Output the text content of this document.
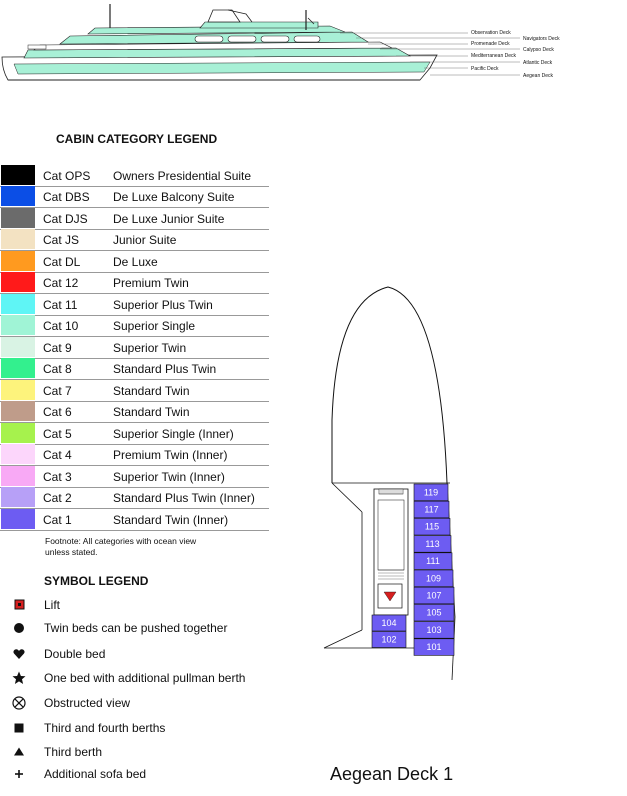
Observation Deck
Navigators Deck
Promenade Deck
Calypso Deck
Mediterranean Deck
Atlantic Deck
Pacific Deck
Aegean Deck
CABIN CATEGORY LEGEND
Cat OPS Owners Presidential Suite
Cat DBS De Luxe Balcony Suite
Cat DJS De Luxe Junior Suite
Cat JS	Junior Suite
Cat DL	De Luxe
Cat 12	Premium Twin
Cat 11	Superior Plus Twin
Cat 10	Superior Single
Cat 9	Superior Twin
Cat 8	Standard Plus Twin
Cat 7	Standard Twin
Cat 6	Standard Twin
Cat 5	Superior Single (Inner)
Cat 4	Premium Twin (Inner)
Cat 3	Superior Twin (Inner)
Cat 2	Standard Plus Twin (Inner)
Cat 1	Standard Twin (Inner)
Footnote: All categories with ocean view
unless stated.
SYMBOL LEGEND
Lift
Twin beds can be pushed together
Double bed
One bed with additional pullman berth
Obstructed view
Third and fourth berths
Third berth
Additional sofa bed
119
117
115
113
111
109
107
105
103
101
104
102
Aegean Deck 1
